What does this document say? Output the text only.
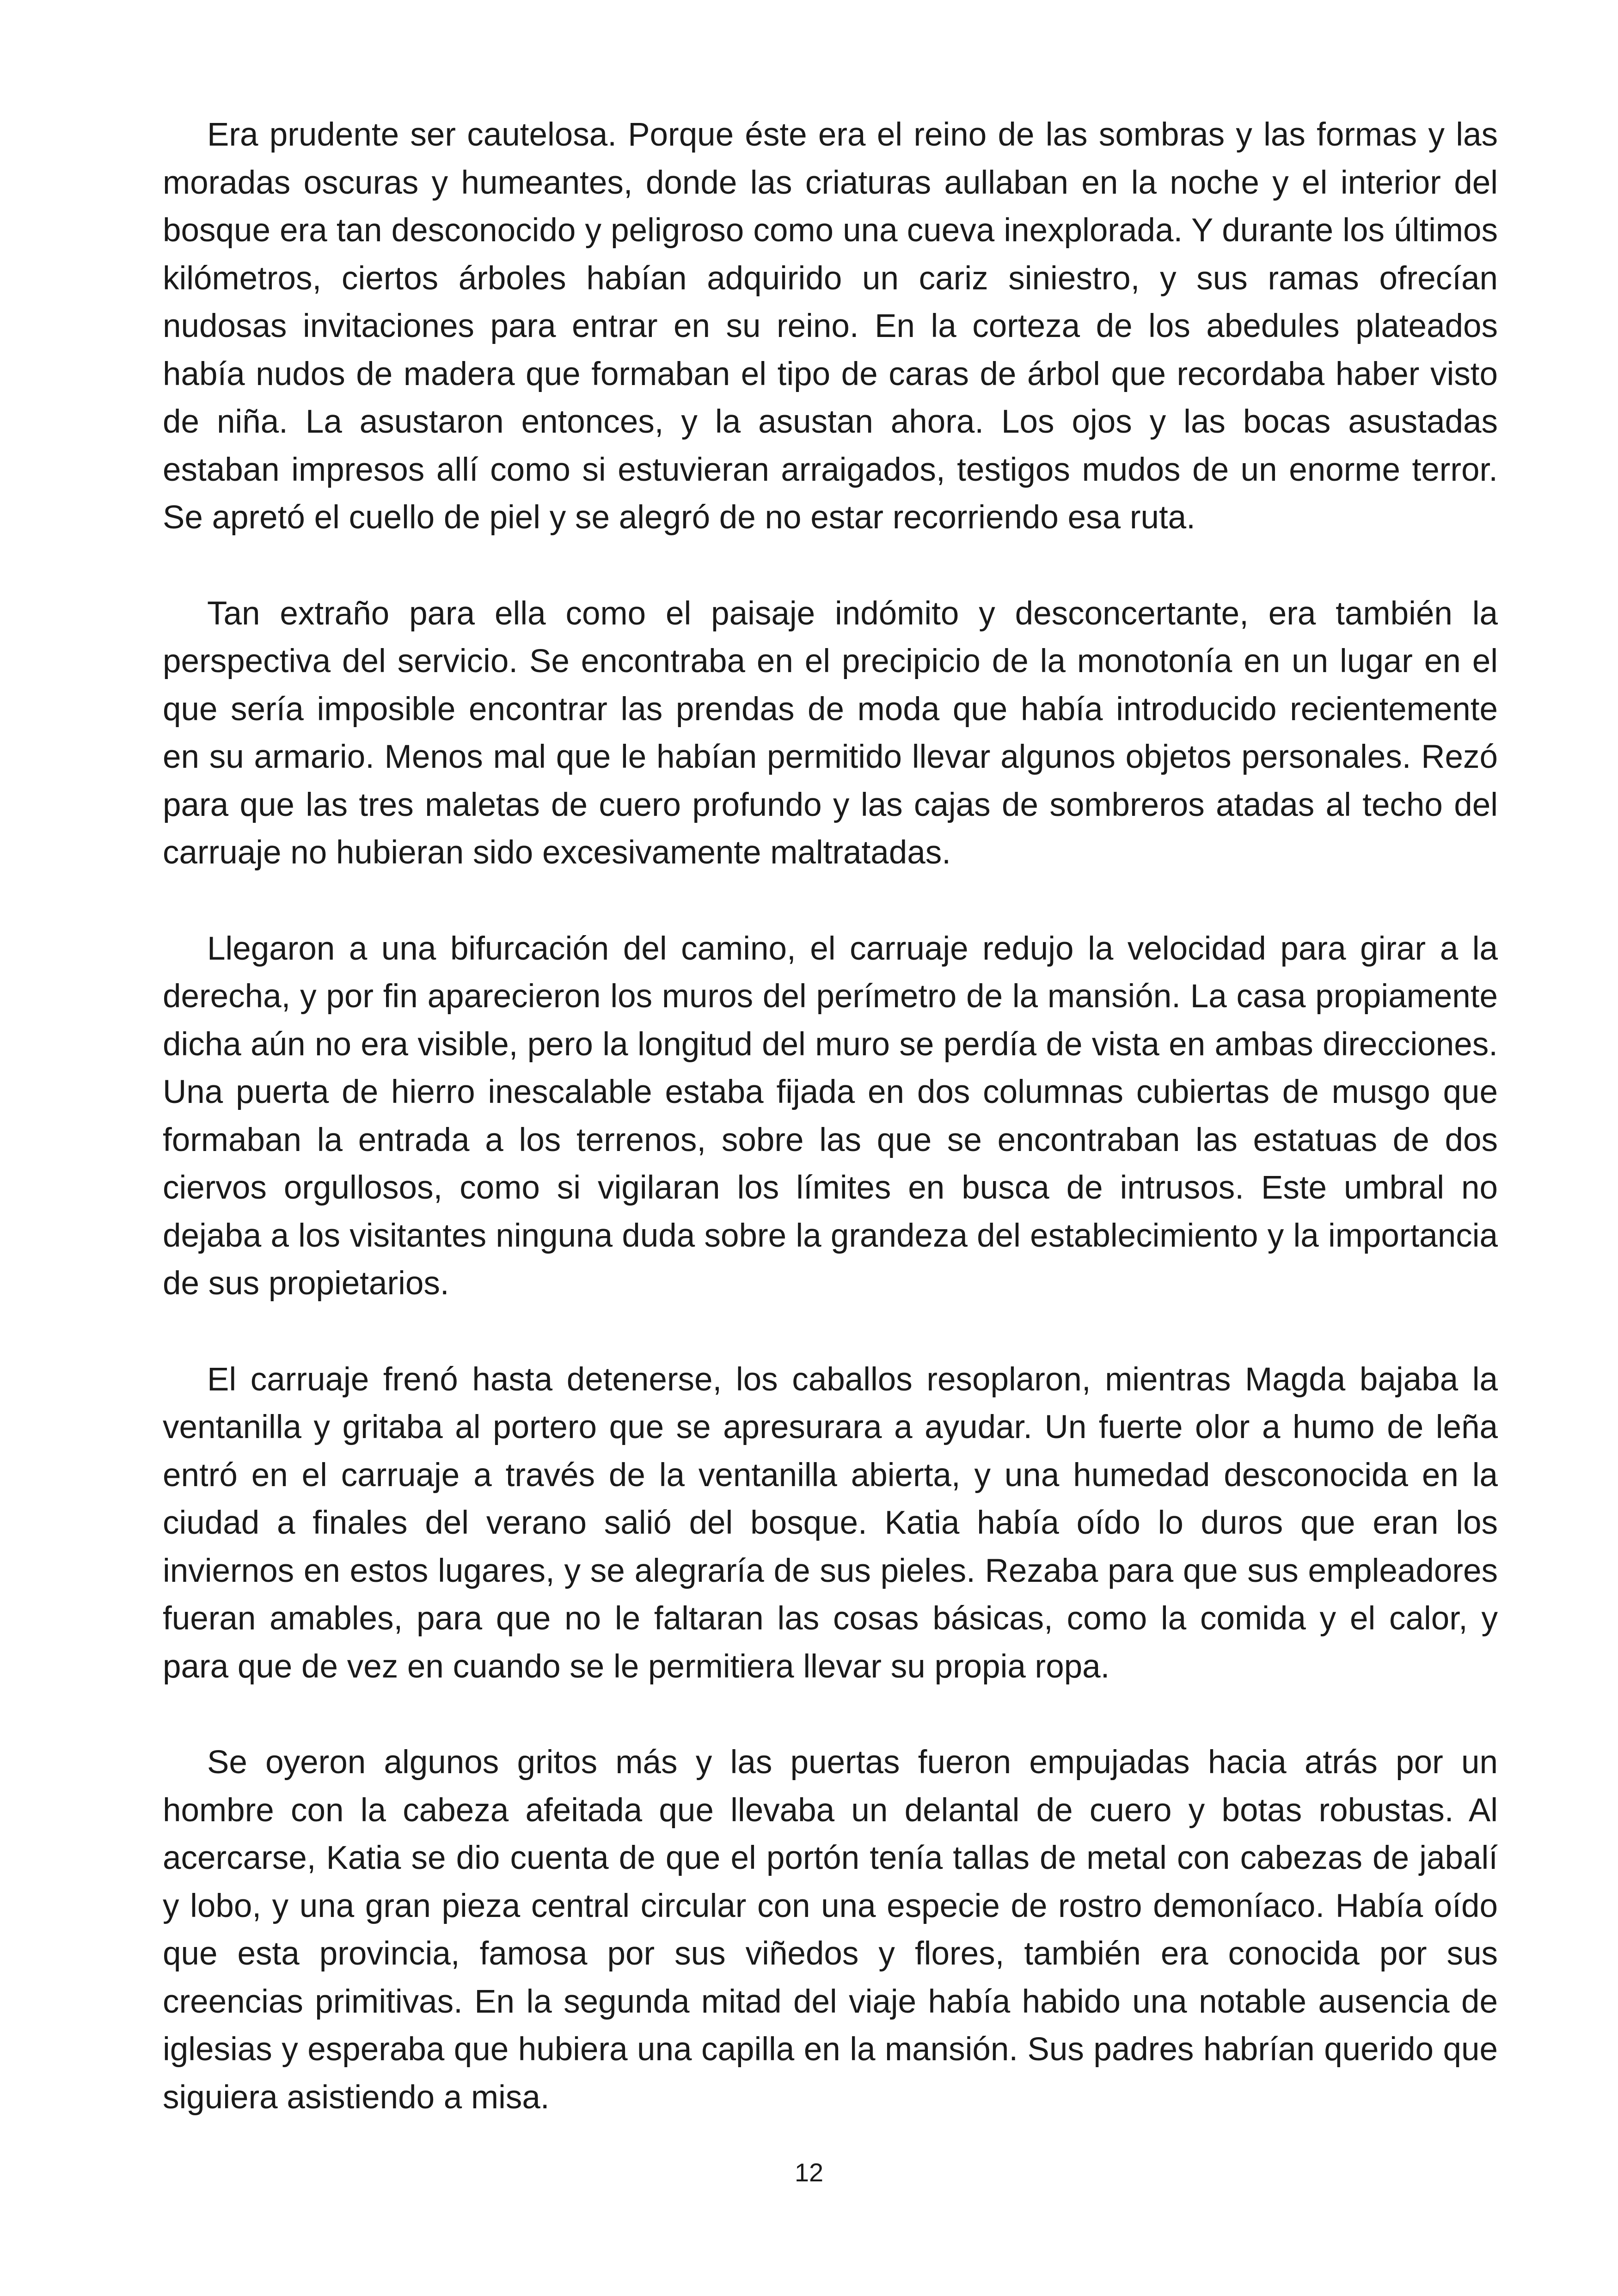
Era prudente ser cautelosa. Porque éste era el reino de las sombras y las formas y las moradas oscuras y humeantes, donde las criaturas aullaban en la noche y el interior del bosque era tan desconocido y peligroso como una cueva inexplorada. Y durante los últimos kilómetros, ciertos árboles habían adquirido un cariz siniestro, y sus ramas ofrecían nudosas invitaciones para entrar en su reino. En la corteza de los abedules plateados había nudos de madera que formaban el tipo de caras de árbol que recordaba haber visto de niña. La asustaron entonces, y la asustan ahora. Los ojos y las bocas asustadas estaban impresos allí como si estuvieran arraigados, testigos mudos de un enorme terror. Se apretó el cuello de piel y se alegró de no estar recorriendo esa ruta.

Tan extraño para ella como el paisaje indómito y desconcertante, era también la perspectiva del servicio. Se encontraba en el precipicio de la monotonía en un lugar en el que sería imposible encontrar las prendas de moda que había introducido recientemente en su armario. Menos mal que le habían permitido llevar algunos objetos personales. Rezó para que las tres maletas de cuero profundo y las cajas de sombreros atadas al techo del carruaje no hubieran sido excesivamente maltratadas.

Llegaron a una bifurcación del camino, el carruaje redujo la velocidad para girar a la derecha, y por fin aparecieron los muros del perímetro de la mansión. La casa propiamente dicha aún no era visible, pero la longitud del muro se perdía de vista en ambas direcciones. Una puerta de hierro inescalable estaba fijada en dos columnas cubiertas de musgo que formaban la entrada a los terrenos, sobre las que se encontraban las estatuas de dos ciervos orgullosos, como si vigilaran los límites en busca de intrusos. Este umbral no dejaba a los visitantes ninguna duda sobre la grandeza del establecimiento y la importancia de sus propietarios.

El carruaje frenó hasta detenerse, los caballos resoplaron, mientras Magda bajaba la ventanilla y gritaba al portero que se apresurara a ayudar. Un fuerte olor a humo de leña entró en el carruaje a través de la ventanilla abierta, y una humedad desconocida en la ciudad a finales del verano salió del bosque. Katia había oído lo duros que eran los inviernos en estos lugares, y se alegraría de sus pieles. Rezaba para que sus empleadores fueran amables, para que no le faltaran las cosas básicas, como la comida y el calor, y para que de vez en cuando se le permitiera llevar su propia ropa.

Se oyeron algunos gritos más y las puertas fueron empujadas hacia atrás por un hombre con la cabeza afeitada que llevaba un delantal de cuero y botas robustas. Al acercarse, Katia se dio cuenta de que el portón tenía tallas de metal con cabezas de jabalí y lobo, y una gran pieza central circular con una especie de rostro demoníaco. Había oído que esta provincia, famosa por sus viñedos y flores, también era conocida por sus creencias primitivas. En la segunda mitad del viaje había habido una notable ausencia de iglesias y esperaba que hubiera una capilla en la mansión. Sus padres habrían querido que siguiera asistiendo a misa.

12
